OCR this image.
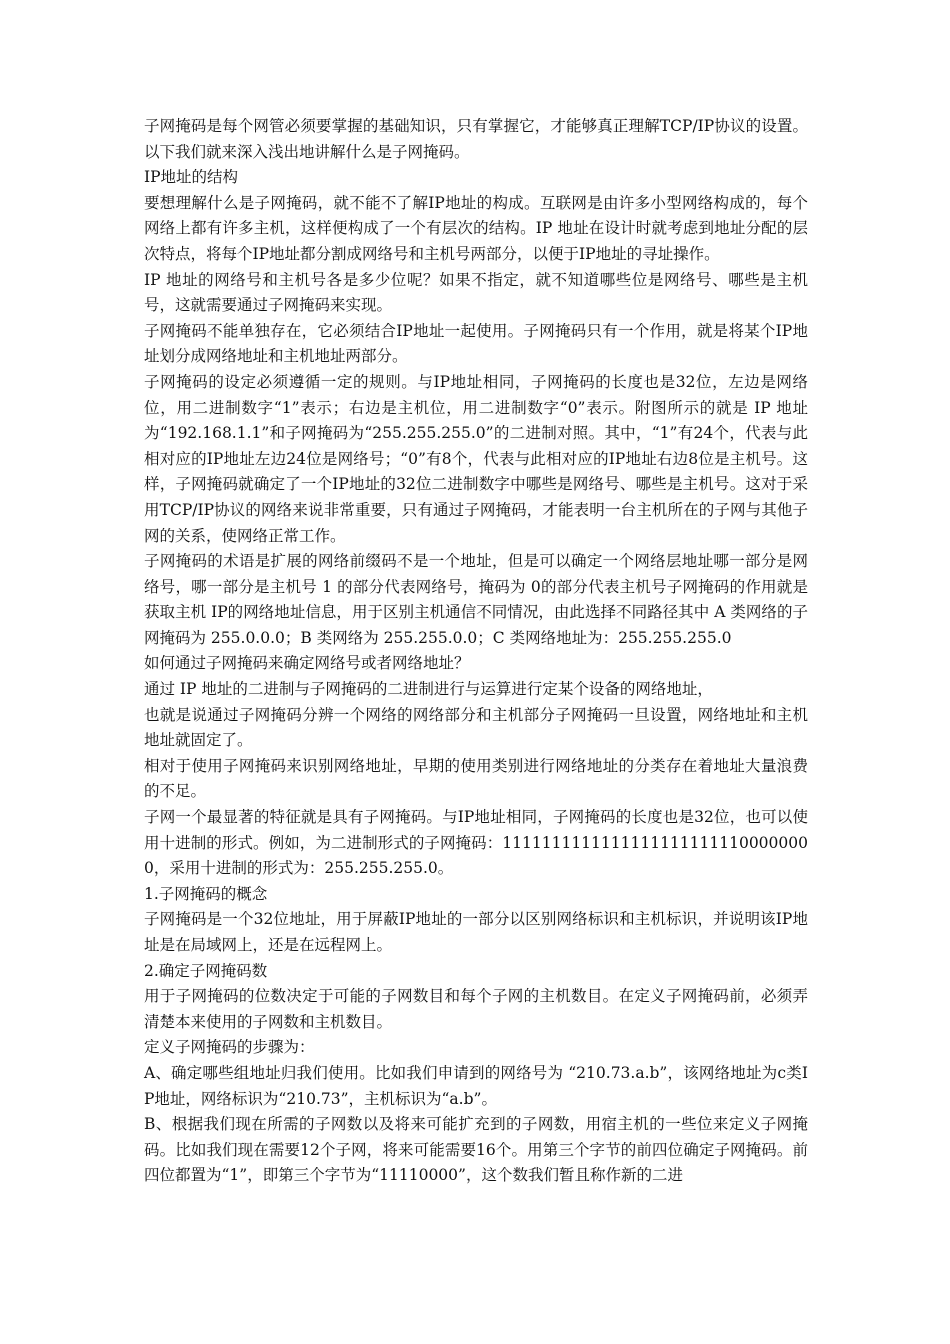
子网掩码是每个网管必须要掌握的基础知识，只有掌握它，才能够真正理解TCP/IP协议的设置。以下我们就来深入浅出地讲解什么是子网掩码。

IP地址的结构

要想理解什么是子网掩码，就不能不了解IP地址的构成。互联网是由许多小型网络构成的，每个网络上都有许多主机，这样便构成了一个有层次的结构。IP 地址在设计时就考虑到地址分配的层次特点，将每个IP地址都分割成网络号和主机号两部分，以便于IP地址的寻址操作。

IP 地址的网络号和主机号各是多少位呢？如果不指定，就不知道哪些位是网络号、哪些是主机号，这就需要通过子网掩码来实现。

子网掩码不能单独存在，它必须结合IP地址一起使用。子网掩码只有一个作用，就是将某个IP地址划分成网络地址和主机地址两部分。

子网掩码的设定必须遵循一定的规则。与IP地址相同，子网掩码的长度也是32位，左边是网络位，用二进制数字“1”表示；右边是主机位，用二进制数字“0”表示。附图所示的就是 IP 地址为“192.168.1.1”和子网掩码为“255.255.255.0”的二进制对照。其中，“1”有24个，代表与此相对应的IP地址左边24位是网络号；“0”有8个，代表与此相对应的IP地址右边8位是主机号。这样，子网掩码就确定了一个IP地址的32位二进制数字中哪些是网络号、哪些是主机号。这对于采用TCP/IP协议的网络来说非常重要，只有通过子网掩码，才能表明一台主机所在的子网与其他子网的关系，使网络正常工作。

子网掩码的术语是扩展的网络前缀码不是一个地址，但是可以确定一个网络层地址哪一部分是网络号，哪一部分是主机号 1 的部分代表网络号，掩码为 0的部分代表主机号子网掩码的作用就是获取主机 IP的网络地址信息，用于区别主机通信不同情况，由此选择不同路径其中 A 类网络的子网掩码为 255.0.0.0；B 类网络为 255.255.0.0；C 类网络地址为：255.255.255.0

如何通过子网掩码来确定网络号或者网络地址？

通过 IP 地址的二进制与子网掩码的二进制进行与运算进行定某个设备的网络地址，

也就是说通过子网掩码分辨一个网络的网络部分和主机部分子网掩码一旦设置，网络地址和主机地址就固定了。

相对于使用子网掩码来识别网络地址，早期的使用类别进行网络地址的分类存在着地址大量浪费的不足。

子网一个最显著的特征就是具有子网掩码。与IP地址相同，子网掩码的长度也是32位，也可以使用十进制的形式。例如，为二进制形式的子网掩码：11111111111111111111111100000000，采用十进制的形式为：255.255.255.0。

1.子网掩码的概念

子网掩码是一个32位地址，用于屏蔽IP地址的一部分以区别网络标识和主机标识，并说明该IP地址是在局域网上，还是在远程网上。

2.确定子网掩码数

用于子网掩码的位数决定于可能的子网数目和每个子网的主机数目。在定义子网掩码前，必须弄清楚本来使用的子网数和主机数目。

定义子网掩码的步骤为：

A、确定哪些组地址归我们使用。比如我们申请到的网络号为 “210.73.a.b”，该网络地址为c类IP地址，网络标识为“210.73”，主机标识为“a.b”。

B、根据我们现在所需的子网数以及将来可能扩充到的子网数，用宿主机的一些位来定义子网掩码。比如我们现在需要12个子网，将来可能需要16个。用第三个字节的前四位确定子网掩码。前四位都置为“1”，即第三个字节为“11110000”，这个数我们暂且称作新的二进
